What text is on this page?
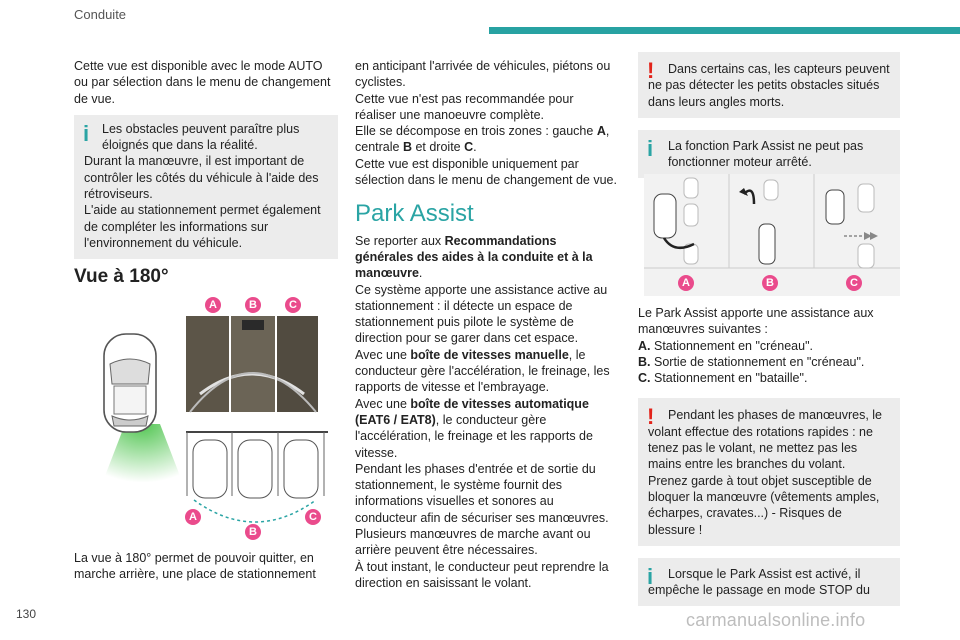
Conduite

Cette vue est disponible avec le mode AUTO ou par sélection dans le menu de changement de vue.

i	Les obstacles peuvent paraître plus éloignés que dans la réalité.

Durant la manœuvre, il est important de contrôler les côtés du véhicule à l'aide des rétroviseurs.

L'aide au stationnement permet également de compléter les informations sur l'environnement du véhicule.

Vue à 180°
A	B	C
A
B
C

La vue à 180° permet de pouvoir quitter, en marche arrière, une place de stationnement

en anticipant l'arrivée de véhicules, piétons ou cyclistes.

Cette vue n'est pas recommandée pour réaliser une manoeuvre complète.

Elle se décompose en trois zones : gauche A, centrale B et droite C.

Cette vue est disponible uniquement par sélection dans le menu de changement de vue.

Park Assist

Se reporter aux Recommandations générales des aides à la conduite et à la manœuvre.

Ce système apporte une assistance active au stationnement : il détecte un espace de stationnement puis pilote le système de direction pour se garer dans cet espace.

Avec une boîte de vitesses manuelle, le conducteur gère l'accélération, le freinage, les rapports de vitesse et l'embrayage.

Avec une boîte de vitesses automatique (EAT6 / EAT8), le conducteur gère l'accélération, le freinage et les rapports de vitesse.

Pendant les phases d'entrée et de sortie du stationnement, le système fournit des informations visuelles et sonores au conducteur afin de sécuriser ses manœuvres. Plusieurs manœuvres de marche avant ou arrière peuvent être nécessaires.

À tout instant, le conducteur peut reprendre la direction en saisissant le volant.

!	Dans certains cas, les capteurs peuvent ne pas détecter les petits obstacles situés dans leurs angles morts.

i	La fonction Park Assist ne peut pas fonctionner moteur arrêté.

A	B	C

Le Park Assist apporte une assistance aux manœuvres suivantes :

A. Stationnement en "créneau".
B. Sortie de stationnement en "créneau".
C. Stationnement en "bataille".
!	Pendant les phases de manœuvres, le volant effectue des rotations rapides : ne tenez pas le volant, ne mettez pas les mains entre les branches du volant.

Prenez garde à tout objet susceptible de bloquer la manœuvre (vêtements amples, écharpes, cravates...) - Risques de blessure !

i	Lorsque le Park Assist est activé, il empêche le passage en mode STOP du

130	carmanualsonline.info
